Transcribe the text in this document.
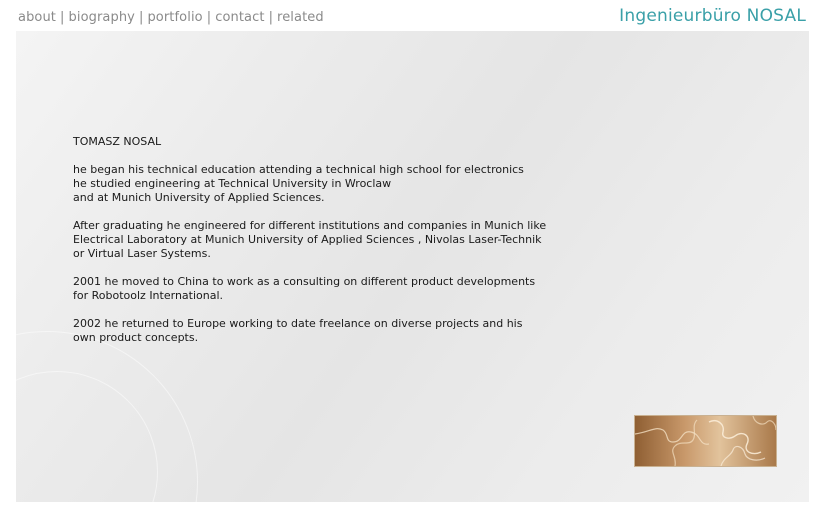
about | biography | portfolio | contact | related	Ingenieurbüro NOSAL

TOMASZ NOSAL

he began his technical education attending a technical high school for electronics
he studied engineering at Technical University in Wroclaw
and at Munich University of Applied Sciences.

After graduating he engineered for different institutions and companies in Munich like
Electrical Laboratory at Munich University of Applied Sciences , Nivolas Laser-Technik
or Virtual Laser Systems.

2001 he moved to China to work as a consulting on different product developments
for Robotoolz International.

2002 he returned to Europe working to date freelance on diverse projects and his
own product concepts.
